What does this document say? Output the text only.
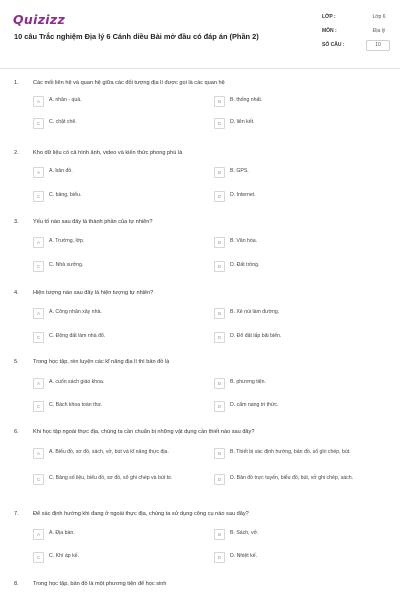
Quizizz
10 câu Trắc nghiệm Địa lý 6 Cánh diều Bài mở đầu có đáp án (Phần 2)
LỚP :	Lớp 6
MÔN :	Địa lý
SỐ CÂU :	10
1.	Các mối liên hệ và quan hệ giữa các đối tượng địa lí được gọi là các quan hệ
A	A. nhân - quả.	B	B. thống nhất.
C	C. chặt chẽ.	D	D. liên kết.
2.	Kho dữ liệu có cả hình ảnh, video và kiến thức phong phú là
A	A. bản đồ.	B	B. GPS.
C	C. bảng, biểu.	D	D. Internet.
3.	Yếu tố nào sau đây là thành phần của tự nhiên?
A	A. Trường, lớp.	B	B. Văn hóa.
C	C. Nhà xưởng.	D	D. Đất trồng.
4.	Hiện tượng nào sau đây là hiện tượng tự nhiên?
A	A. Công nhân xây nhà.	B	B. Xẻ núi làm đường.
C	C. Động đất làm nhà đổ.	D	D. Đổ đất lấp bãi biển.
5.	Trong học tập, rèn luyện các kĩ năng địa lí thì bản đồ là
A	A. cuốn sách giáo khoa.	B	B. phương tiện.
C	C. Bách khoa toàn thư.	D	D. cẩm nang tri thức.
6.	Khi học tập ngoài thực địa, chúng ta cần chuẩn bị những vật dụng cần thiết nào sau đây?
A	A. Biểu đồ, sơ đồ, sách, vở, bút và kĩ năng thực địa.	B	B. Thiết bị xác định hướng, bản đồ, sổ ghi chép, bút.
C	C. Bảng số liệu, biểu đồ, sơ đồ, sổ ghi chép và bút bi.	D	D. Bản đồ trực tuyến, biểu đồ, bút, vở ghi chép, sách.
7.	Để xác định hướng khi đang ở ngoài thực địa, chúng ta sử dụng công cụ nào sau đây?
A	A. Địa bàn.	B	B. Sách, vở.
C	C. Khí áp kế.	D	D. Nhiệt kế.
8.	Trong học tập, bản đồ là một phương tiện để học sinh
